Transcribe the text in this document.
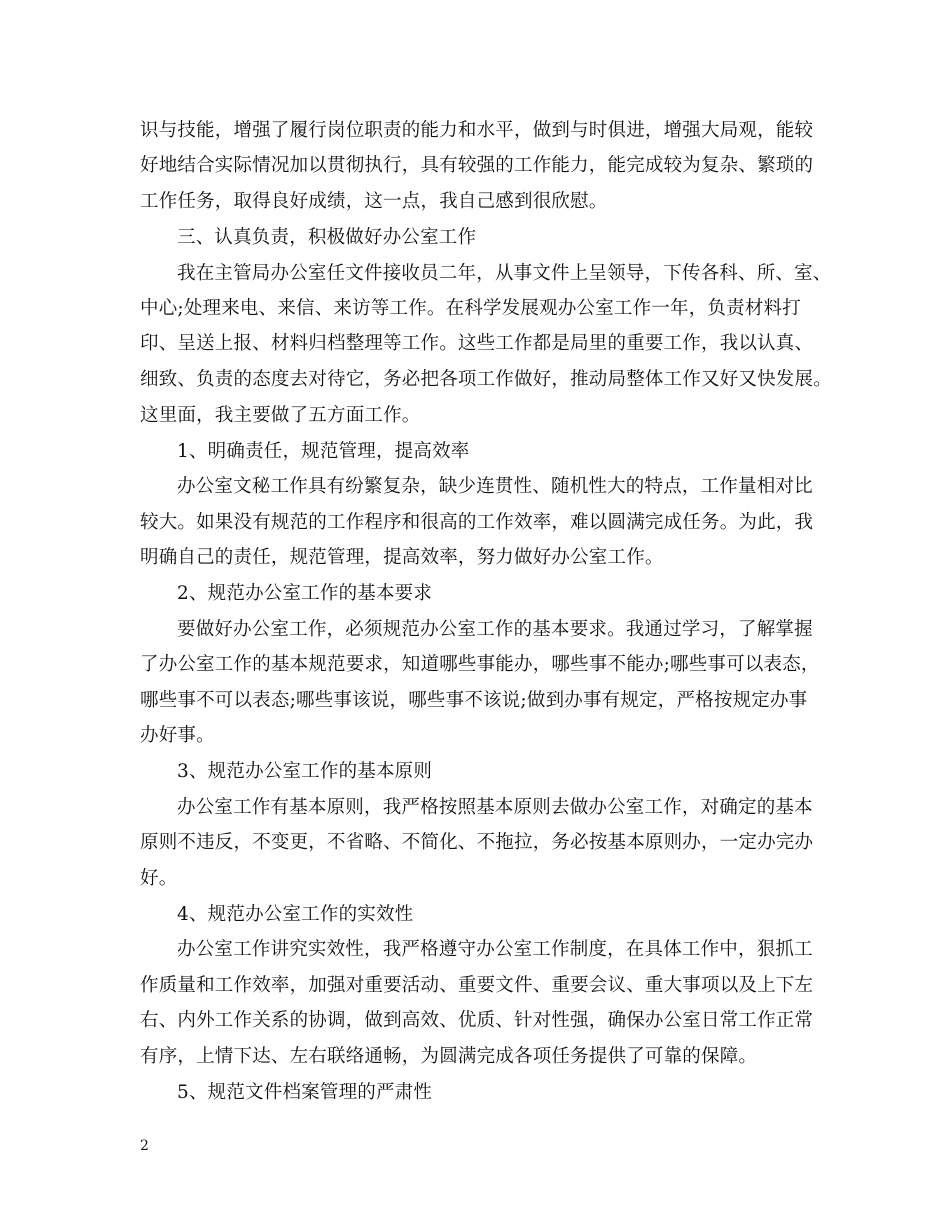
识与技能，增强了履行岗位职责的能力和水平，做到与时俱进，增强大局观，能较
好地结合实际情况加以贯彻执行，具有较强的工作能力，能完成较为复杂、繁琐的
工作任务，取得良好成绩，这一点，我自己感到很欣慰。
三、认真负责，积极做好办公室工作
我在主管局办公室任文件接收员二年，从事文件上呈领导，下传各科、所、室、
中心;处理来电、来信、来访等工作。在科学发展观办公室工作一年，负责材料打
印、呈送上报、材料归档整理等工作。这些工作都是局里的重要工作，我以认真、
细致、负责的态度去对待它，务必把各项工作做好，推动局整体工作又好又快发展。
这里面，我主要做了五方面工作。
1、明确责任，规范管理，提高效率
办公室文秘工作具有纷繁复杂，缺少连贯性、随机性大的特点，工作量相对比
较大。如果没有规范的工作程序和很高的工作效率，难以圆满完成任务。为此，我
明确自己的责任，规范管理，提高效率，努力做好办公室工作。
2、规范办公室工作的基本要求
要做好办公室工作，必须规范办公室工作的基本要求。我通过学习，了解掌握
了办公室工作的基本规范要求，知道哪些事能办，哪些事不能办;哪些事可以表态，
哪些事不可以表态;哪些事该说，哪些事不该说;做到办事有规定，严格按规定办事
办好事。
3、规范办公室工作的基本原则
办公室工作有基本原则，我严格按照基本原则去做办公室工作，对确定的基本
原则不违反，不变更，不省略、不简化、不拖拉，务必按基本原则办，一定办完办
好。
4、规范办公室工作的实效性
办公室工作讲究实效性，我严格遵守办公室工作制度，在具体工作中，狠抓工
作质量和工作效率，加强对重要活动、重要文件、重要会议、重大事项以及上下左
右、内外工作关系的协调，做到高效、优质、针对性强，确保办公室日常工作正常
有序，上情下达、左右联络通畅，为圆满完成各项任务提供了可靠的保障。
5、规范文件档案管理的严肃性
2
